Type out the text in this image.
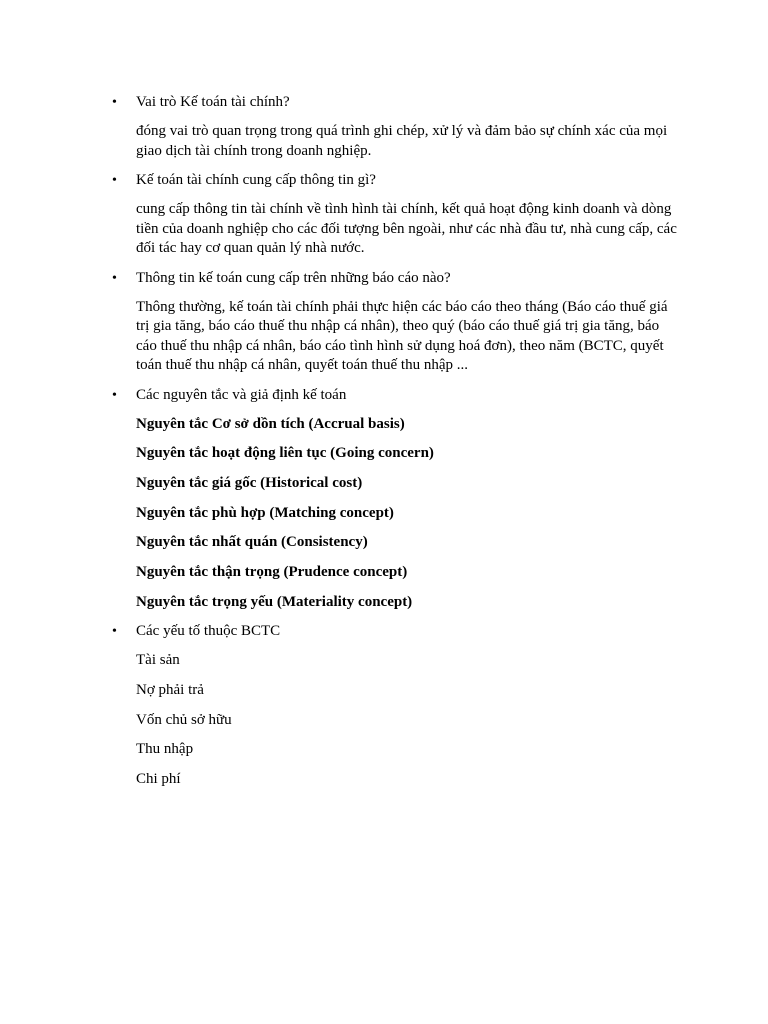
• Vai trò Kế toán tài chính?
đóng vai trò quan trọng trong quá trình ghi chép, xử lý và đảm bảo sự chính xác của mọi giao dịch tài chính trong doanh nghiệp.
• Kế toán tài chính cung cấp thông tin gì?
cung cấp thông tin tài chính về tình hình tài chính, kết quả hoạt động kinh doanh và dòng tiền của doanh nghiệp cho các đối tượng bên ngoài, như các nhà đầu tư, nhà cung cấp, các đối tác hay cơ quan quản lý nhà nước.
• Thông tin kế toán cung cấp trên những báo cáo nào?
Thông thường, kế toán tài chính phải thực hiện các báo cáo theo tháng (Báo cáo thuế giá trị gia tăng, báo cáo thuế thu nhập cá nhân), theo quý (báo cáo thuế giá trị gia tăng, báo cáo thuế thu nhập cá nhân, báo cáo tình hình sử dụng hoá đơn), theo năm (BCTC, quyết toán thuế thu nhập cá nhân, quyết toán thuế thu nhập ...
• Các nguyên tắc và giả định kế toán
Nguyên tắc Cơ sở dồn tích (Accrual basis)
Nguyên tắc hoạt động liên tục (Going concern)
Nguyên tắc giá gốc (Historical cost)
Nguyên tắc phù hợp (Matching concept)
Nguyên tắc nhất quán (Consistency)
Nguyên tắc thận trọng (Prudence concept)
Nguyên tắc trọng yếu (Materiality concept)
• Các yếu tố thuộc BCTC
Tài sản
Nợ phải trả
Vốn chủ sở hữu
Thu nhập
Chi phí
